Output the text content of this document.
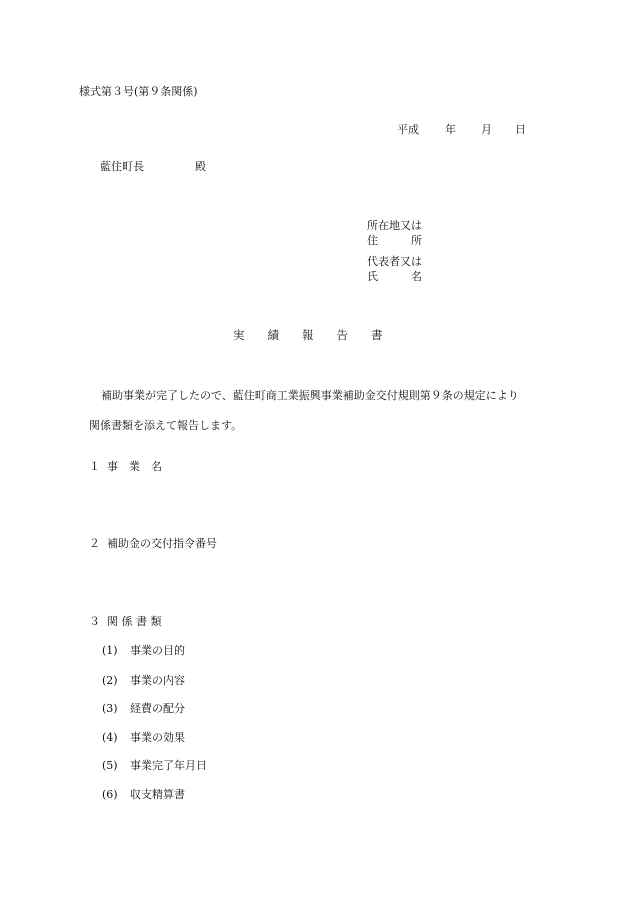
様式第３号(第９条関係)
平成 年 月 日
藍住町長	殿
所在地又は
住　　　所
代表者又は
氏　　　名
実　　績　　報　　告　　書
補助事業が完了したので、藍住町商工業振興事業補助金交付規則第９条の規定により
関係書類を添えて報告します。
１ 事　業　名
２ 補助金の交付指令番号
３ 関 係 書 類
(1) 事業の目的
(2) 事業の内容
(3) 経費の配分
(4) 事業の効果
(5) 事業完了年月日
(6) 収支精算書
